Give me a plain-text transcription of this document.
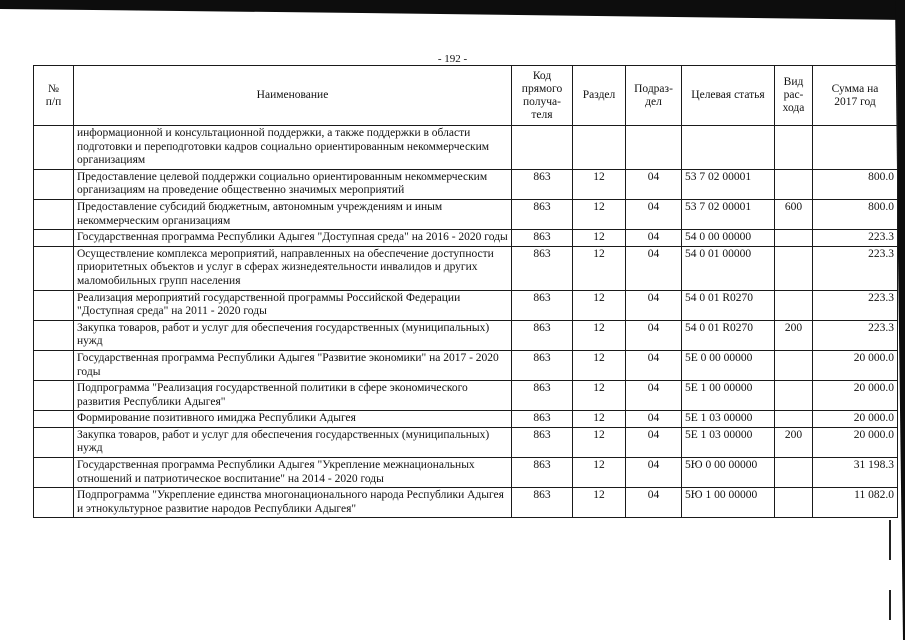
- 192 -
№
п/п	Наименование	Код
прямого
получа-
теля	Раздел	Подраз-
дел	Целевая статья	Вид
рас-
хода	Сумма на
2017 год
	информационной и консультационной поддержки, а также поддержки в области подготовки и переподготовки кадров социально ориентированным некоммерческим организациям						
	Предоставление целевой поддержки социально ориентированным некоммерческим организациям на проведение общественно значимых мероприятий	863	12	04	53 7 02 00001		800.0
	Предоставление субсидий бюджетным, автономным учреждениям и иным некоммерческим организациям	863	12	04	53 7 02 00001	600	800.0
	Государственная программа Республики Адыгея "Доступная среда" на 2016 - 2020 годы	863	12	04	54 0 00 00000		223.3
	Осуществление комплекса мероприятий, направленных на обеспечение доступности приоритетных объектов и услуг в сферах жизнедеятельности инвалидов и других маломобильных групп населения	863	12	04	54 0 01 00000		223.3
	Реализация мероприятий государственной программы Российской Федерации "Доступная среда" на 2011 - 2020 годы	863	12	04	54 0 01 R0270		223.3
	Закупка товаров, работ и услуг для обеспечения государственных (муниципальных) нужд	863	12	04	54 0 01 R0270	200	223.3
	Государственная программа Республики Адыгея "Развитие экономики" на 2017 - 2020 годы	863	12	04	5Е 0 00 00000		20 000.0
	Подпрограмма "Реализация государственной политики в сфере экономического развития Республики Адыгея"	863	12	04	5Е 1 00 00000		20 000.0
	Формирование позитивного имиджа Республики Адыгея	863	12	04	5Е 1 03 00000		20 000.0
	Закупка товаров, работ и услуг для обеспечения государственных (муниципальных) нужд	863	12	04	5Е 1 03 00000	200	20 000.0
	Государственная программа Республики Адыгея "Укрепление межнациональных отношений и патриотическое воспитание" на 2014 - 2020 годы	863	12	04	5Ю 0 00 00000		31 198.3
	Подпрограмма "Укрепление единства многонационального народа Республики Адыгея и этнокультурное развитие народов Республики Адыгея"	863	12	04	5Ю 1 00 00000		11 082.0
